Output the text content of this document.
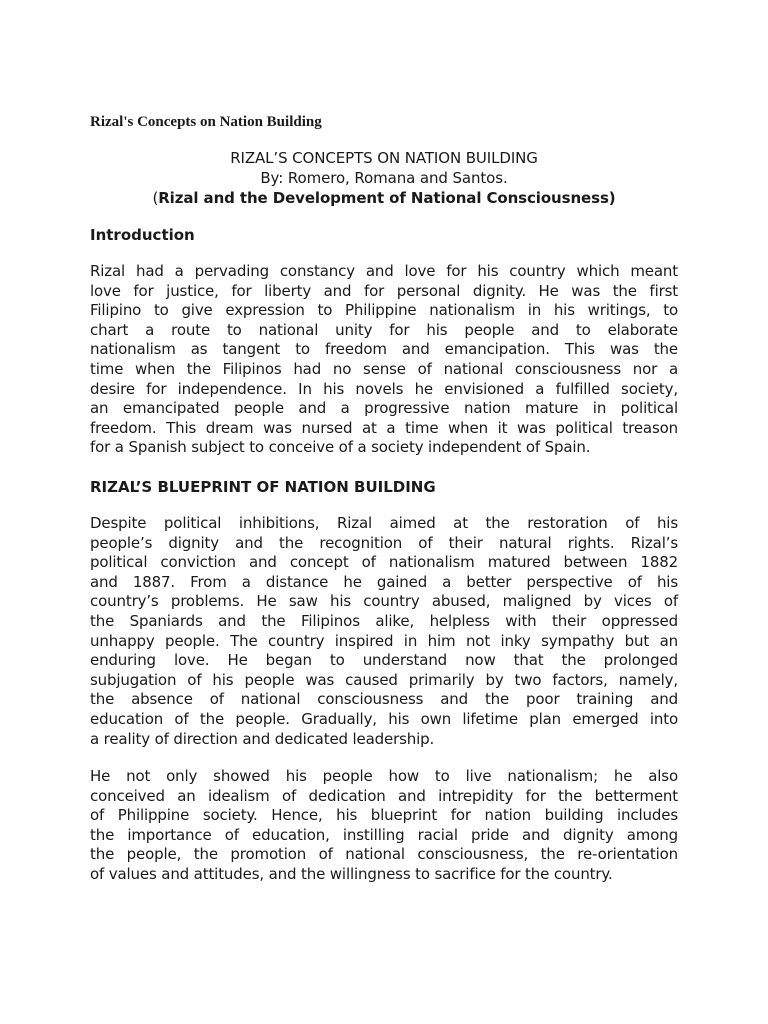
Rizal's Concepts on Nation Building
RIZAL’S CONCEPTS ON NATION BUILDING
By: Romero, Romana and Santos.
(Rizal and the Development of National Consciousness)
Introduction

Rizal had a pervading constancy and love for his country which meant
love for justice, for liberty and for personal dignity. He was the first
Filipino to give expression to Philippine nationalism in his writings, to
chart a route to national unity for his people and to elaborate
nationalism as tangent to freedom and emancipation. This was the
time when the Filipinos had no sense of national consciousness nor a
desire for independence. In his novels he envisioned a fulfilled society,
an emancipated people and a progressive nation mature in political
freedom. This dream was nursed at a time when it was political treason
for a Spanish subject to conceive of a society independent of Spain.

RIZAL’S BLUEPRINT OF NATION BUILDING

Despite political inhibitions, Rizal aimed at the restoration of his
people’s dignity and the recognition of their natural rights. Rizal’s
political conviction and concept of nationalism matured between 1882
and 1887. From a distance he gained a better perspective of his
country’s problems. He saw his country abused, maligned by vices of
the Spaniards and the Filipinos alike, helpless with their oppressed
unhappy people. The country inspired in him not inky sympathy but an
enduring love. He began to understand now that the prolonged
subjugation of his people was caused primarily by two factors, namely,
the absence of national consciousness and the poor training and
education of the people. Gradually, his own lifetime plan emerged into
a reality of direction and dedicated leadership.

He not only showed his people how to live nationalism; he also
conceived an idealism of dedication and intrepidity for the betterment
of Philippine society. Hence, his blueprint for nation building includes
the importance of education, instilling racial pride and dignity among
the people, the promotion of national consciousness, the re-orientation
of values and attitudes, and the willingness to sacrifice for the country.
